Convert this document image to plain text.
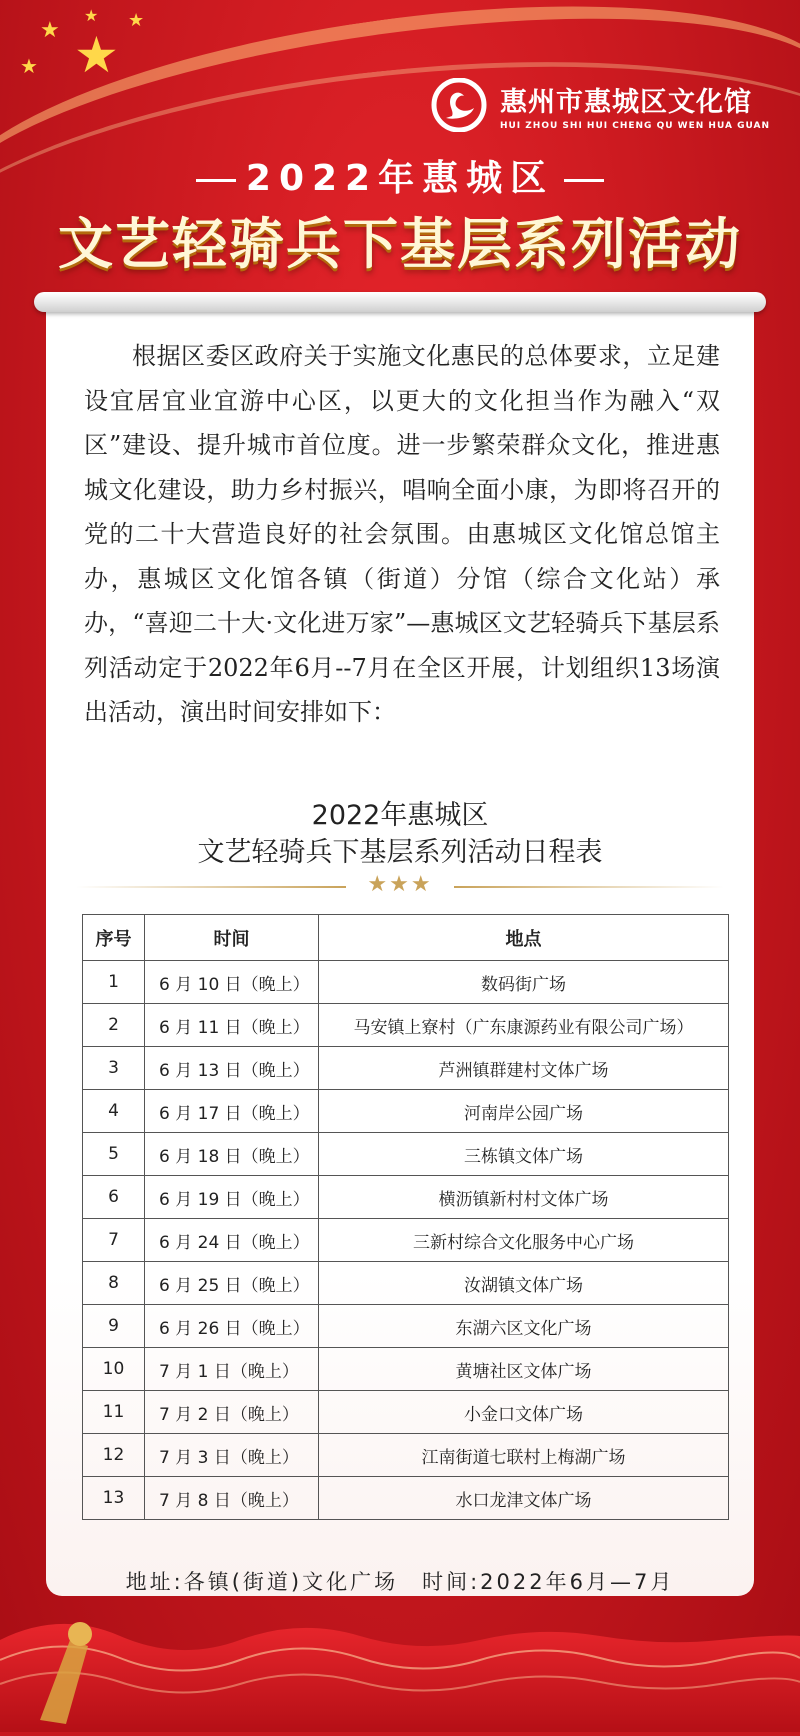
★
★
★ ★
★
惠州市惠城区文化馆
HUI ZHOU SHI HUI CHENG QU WEN HUA GUAN
2022年惠城区
文艺轻骑兵下基层系列活动
根据区委区政府关于实施文化惠民的总体要求，立足建设宜居宜业宜游中心区，以更大的文化担当作为融入“双区”建设、提升城市首位度。进一步繁荣群众文化，推进惠城文化建设，助力乡村振兴，唱响全面小康，为即将召开的党的二十大营造良好的社会氛围。由惠城区文化馆总馆主办，惠城区文化馆各镇（街道）分馆（综合文化站）承办，“喜迎二十大·文化进万家”—惠城区文艺轻骑兵下基层系列活动定于2022年6月--7月在全区开展，计划组织13场演出活动，演出时间安排如下：
2022年惠城区
文艺轻骑兵下基层系列活动日程表
★★★
序号	时间	地点
1	6 月 10 日（晚上）	数码街广场
2	6 月 11 日（晚上）	马安镇上寮村（广东康源药业有限公司广场）
3	6 月 13 日（晚上）	芦洲镇群建村文体广场
4	6 月 17 日（晚上）	河南岸公园广场
5	6 月 18 日（晚上）	三栋镇文体广场
6	6 月 19 日（晚上）	横沥镇新村村文体广场
7	6 月 24 日（晚上）	三新村综合文化服务中心广场
8	6 月 25 日（晚上）	汝湖镇文体广场
9	6 月 26 日（晚上）	东湖六区文化广场
10	7 月 1 日（晚上）	黄塘社区文体广场
11	7 月 2 日（晚上）	小金口文体广场
12	7 月 3 日（晚上）	江南街道七联村上梅湖广场
13	7 月 8 日（晚上）	水口龙津文体广场
地址:各镇(街道)文化广场　时间:2022年6月—7月
